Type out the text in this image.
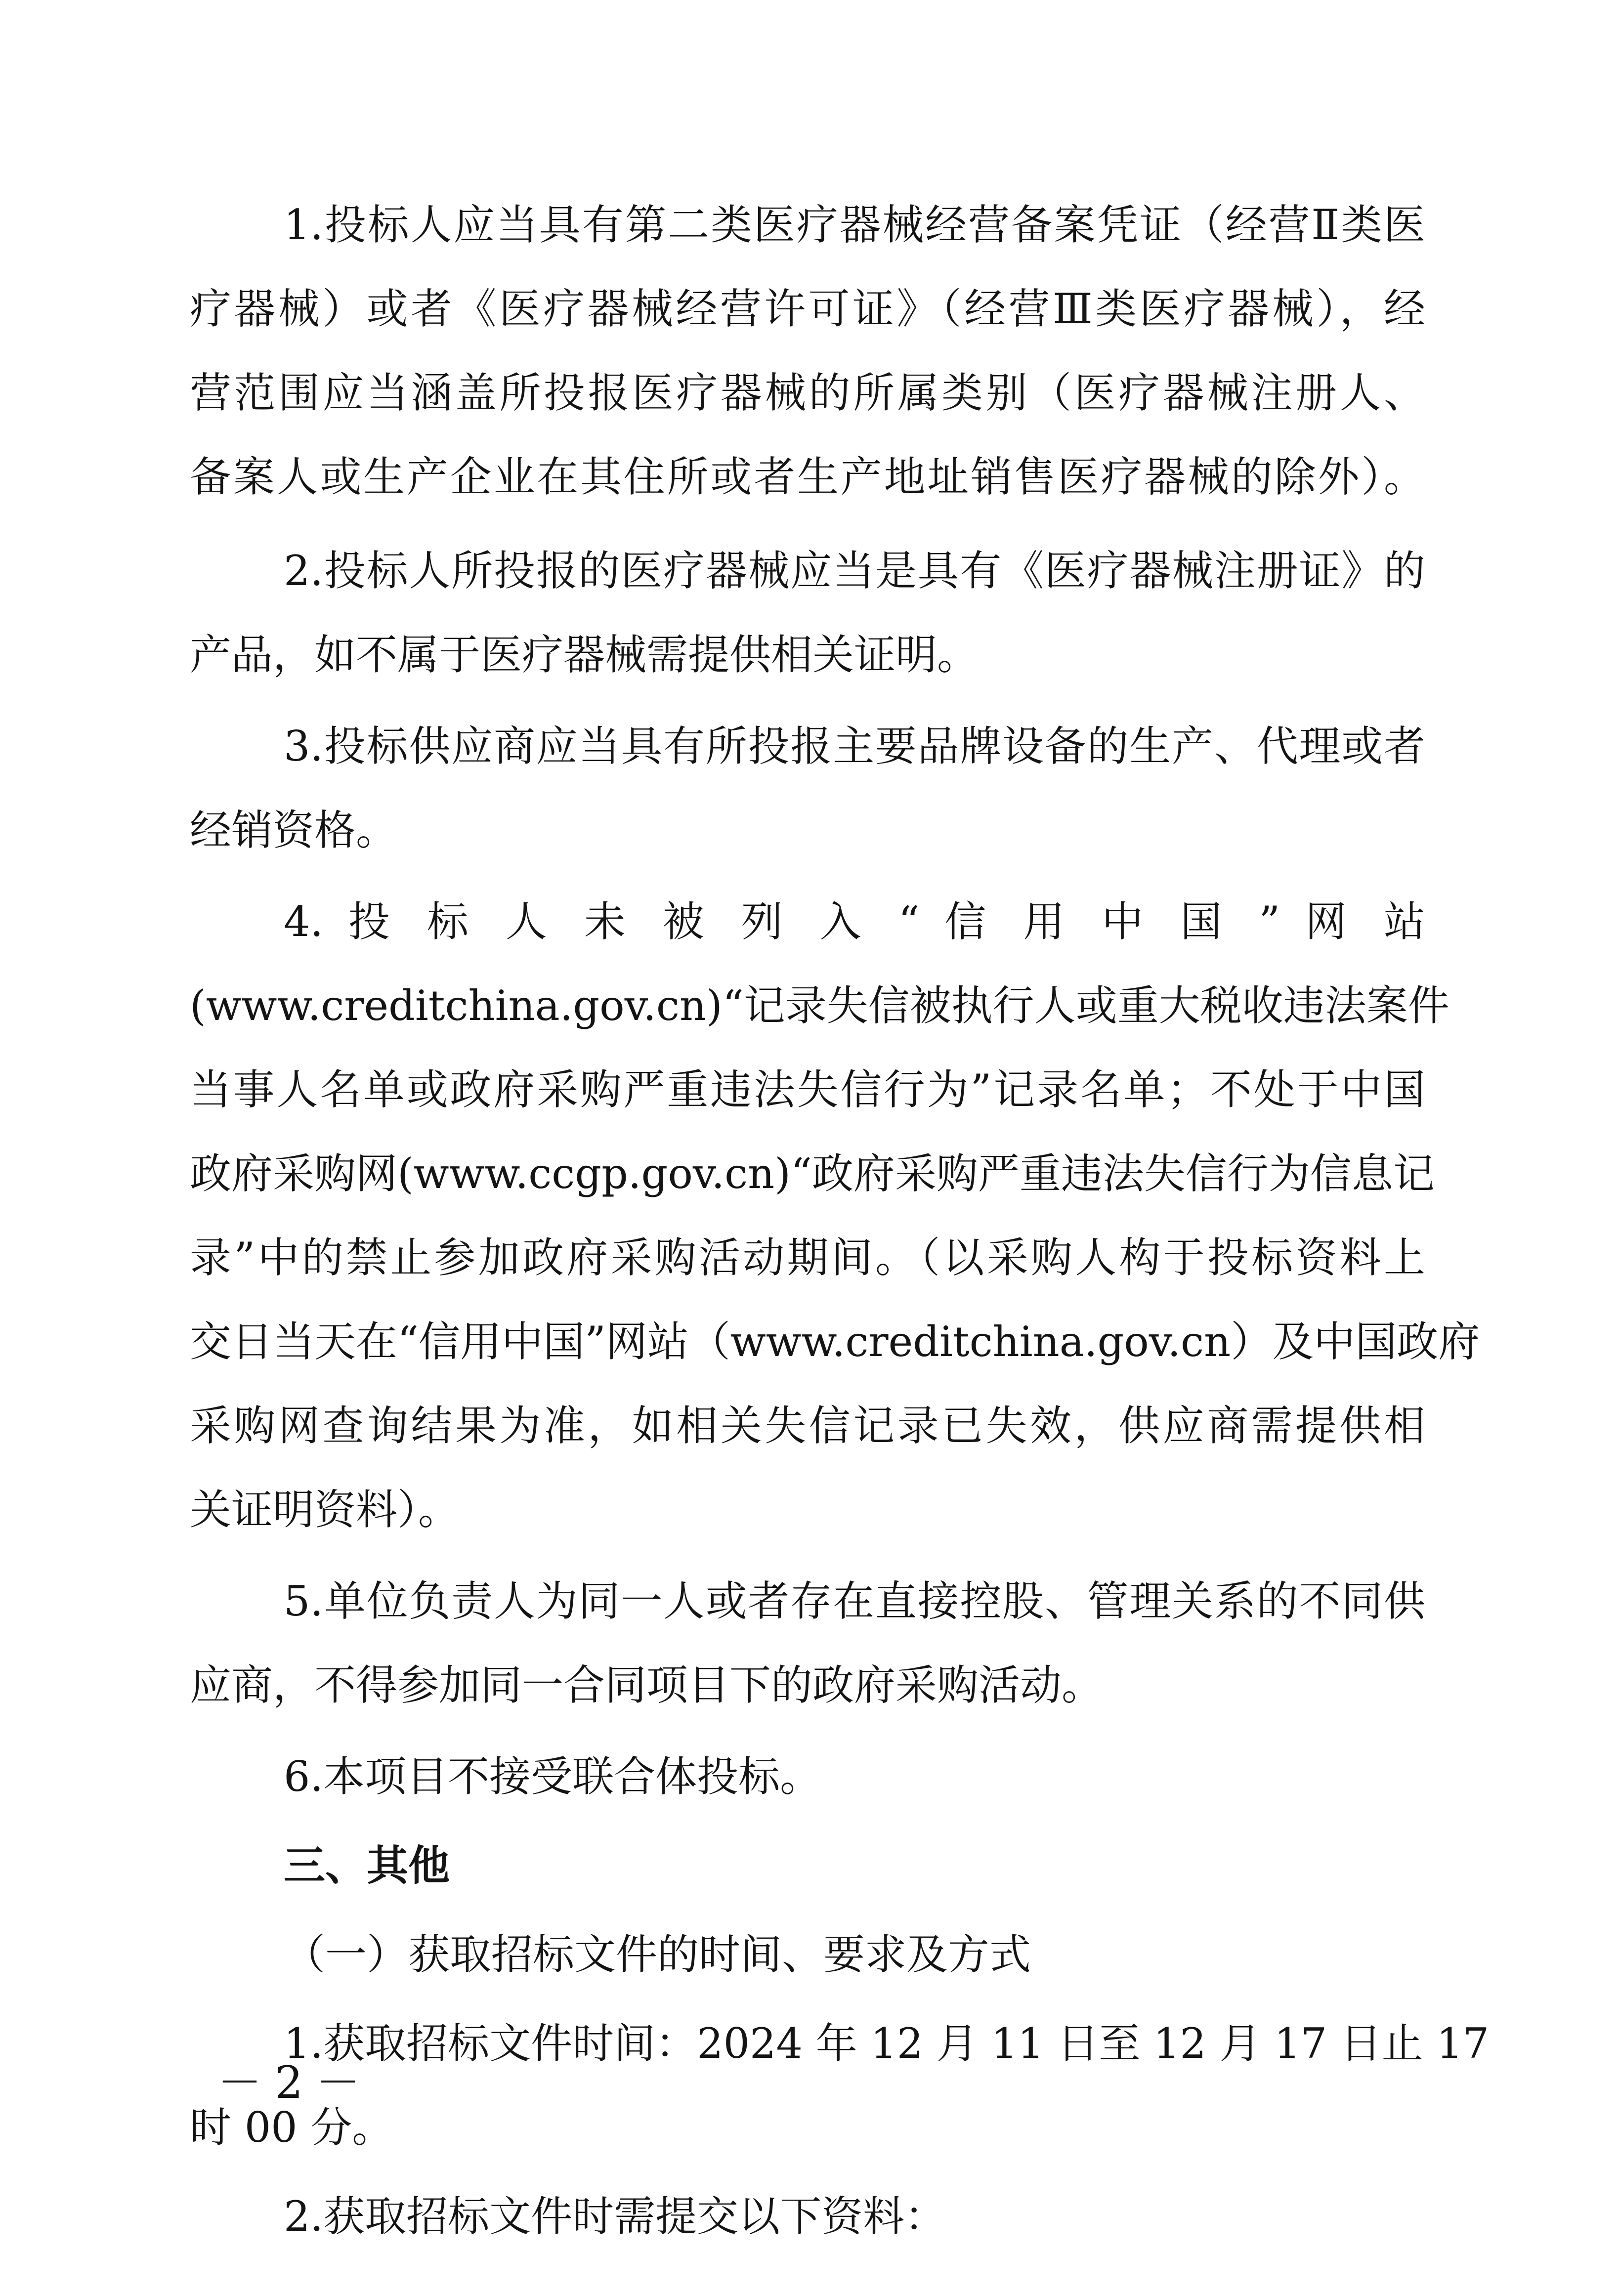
1.投标人应当具有第二类医疗器械经营备案凭证（经营Ⅱ类医
疗器械）或者《医疗器械经营许可证》（经营Ⅲ类医疗器械），经
营范围应当涵盖所投报医疗器械的所属类别（医疗器械注册人、
备案人或生产企业在其住所或者生产地址销售医疗器械的除外）。
2.投标人所投报的医疗器械应当是具有《医疗器械注册证》的
产品，如不属于医疗器械需提供相关证明。
3.投标供应商应当具有所投报主要品牌设备的生产、代理或者
经销资格。
4. 投 标 人 未 被 列 入 “ 信 用 中 国 ” 网 站
(www.creditchina.gov.cn)“记录失信被执行人或重大税收违法案件
当事人名单或政府采购严重违法失信行为”记录名单；不处于中国
政府采购网(www.ccgp.gov.cn)“政府采购严重违法失信行为信息记
录”中的禁止参加政府采购活动期间。（以采购人构于投标资料上
交日当天在“信用中国”网站（www.creditchina.gov.cn）及中国政府
采购网查询结果为准，如相关失信记录已失效，供应商需提供相
关证明资料）。
5.单位负责人为同一人或者存在直接控股、管理关系的不同供
应商，不得参加同一合同项目下的政府采购活动。
6.本项目不接受联合体投标。
三、其他
（一）获取招标文件的时间、要求及方式
1.获取招标文件时间：2024 年 12 月 11 日至 12 月 17 日止 17
时 00 分。
2.获取招标文件时需提交以下资料：
－2－
